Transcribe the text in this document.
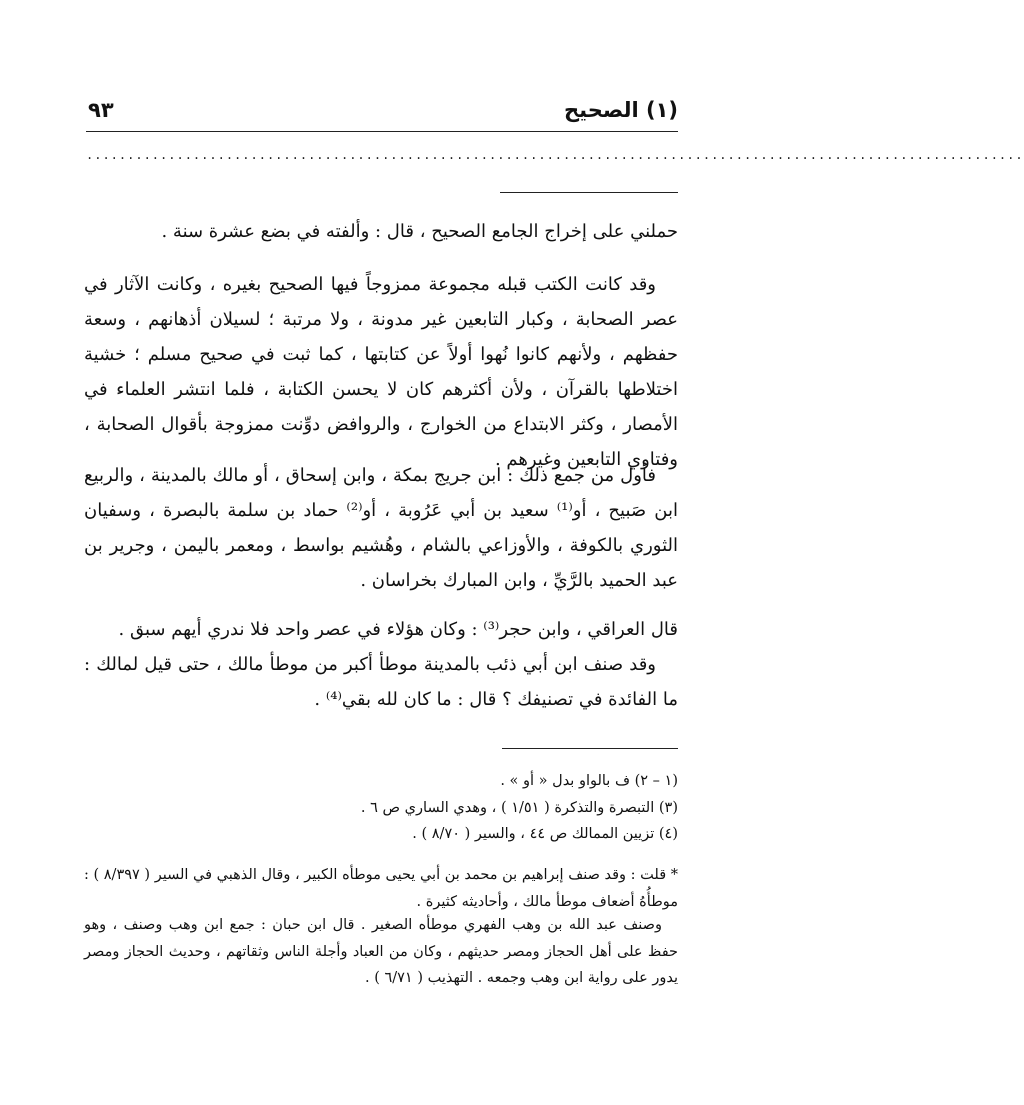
(١) الصحيح
٩٣
..................................................................................................................

حملني على إخراج الجامع الصحيح ، قال : وألفته في بضع عشرة سنة .

وقد كانت الكتب قبله مجموعة ممزوجاً فيها الصحيح بغيره ، وكانت الآثار في عصر الصحابة ، وكبار التابعين غير مدونة ، ولا مرتبة ؛ لسيلان أذهانهم ، وسعة حفظهم ، ولأنهم كانوا نُهوا أولاً عن كتابتها ، كما ثبت في صحيح مسلم ؛ خشية اختلاطها بالقرآن ، ولأن أكثرهم كان لا يحسن الكتابة ، فلما انتشر العلماء في الأمصار ، وكثر الابتداع من الخوارج ، والروافض دوِّنت ممزوجة بأقوال الصحابة ، وفتاوي التابعين وغيرهم .

فأول من جمع ذلك : ابن جريج بمكة ، وابن إسحاق ، أو مالك بالمدينة ، والربيع ابن صَبيح ، أو⁽¹⁾ سعيد بن أبي عَرُوبة ، أو⁽²⁾ حماد بن سلمة بالبصرة ، وسفيان الثوري بالكوفة ، والأوزاعي بالشام ، وهُشيم بواسط ، ومعمر باليمن ، وجرير بن عبد الحميد بالرَّيِّ ، وابن المبارك بخراسان .

قال العراقي ، وابن حجر⁽³⁾ : وكان هؤلاء في عصر واحد فلا ندري أيهم سبق .

وقد صنف ابن أبي ذئب بالمدينة موطأ أكبر من موطأ مالك ، حتى قيل لمالك : ما الفائدة في تصنيفك ؟ قال : ما كان لله بقي⁽⁴⁾ .

(١ – ٢) ف بالواو بدل « أو » .

(٣) التبصرة والتذكرة ( ١/٥١ ) ، وهدي الساري ص ٦ .

(٤) تزيين الممالك ص ٤٤ ، والسير ( ٨/٧٠ ) .

* قلت : وقد صنف إبراهيم بن محمد بن أبي يحيى موطأه الكبير ، وقال الذهبي في السير ( ٨/٣٩٧ ) : موطأُهُ أضعاف موطأ مالك ، وأحاديثه كثيرة .

وصنف عبد الله بن وهب الفهري موطأه الصغير . قال ابن حبان : جمع ابن وهب وصنف ، وهو حفظ على أهل الحجاز ومصر حديثهم ، وكان من العباد وأجلة الناس وثقاتهم ، وحديث الحجاز ومصر يدور على رواية ابن وهب وجمعه . التهذيب ( ٦/٧١ ) .
